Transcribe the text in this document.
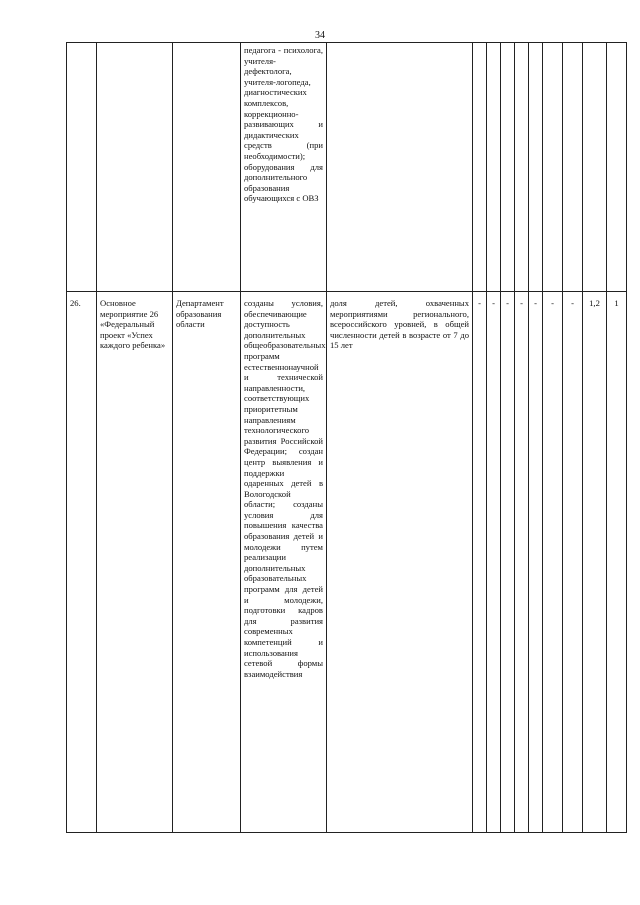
34
			педагога - психолога, учителя-дефектолога, учителя-логопеда, диагностических комплексов, коррекционно-развивающих и дидактических средств (при необходимости); оборудования для дополнительного образования обучающихся с ОВЗ										
26.	Основное мероприятие 26 «Федеральный проект «Успех каждого ребенка»	Департамент образования области	созданы условия, обеспечивающие доступность дополнительных общеобразовательных программ естественнонаучной и технической направленности, соответствующих приоритетным направлениям технологического развития Российской Федерации; создан центр выявления и поддержки одаренных детей в Вологодской области; созданы условия для повышения качества образования детей и молодежи путем реализации дополнительных образовательных программ для детей и молодежи, подготовки кадров для развития современных компетенций и использования сетевой формы взаимодействия	доля детей, охваченных мероприятиями регионального, всероссийского уровней, в общей численности детей в возрасте от 7 до 15 лет	-	-	-	-	-	-	-	1,2	1
